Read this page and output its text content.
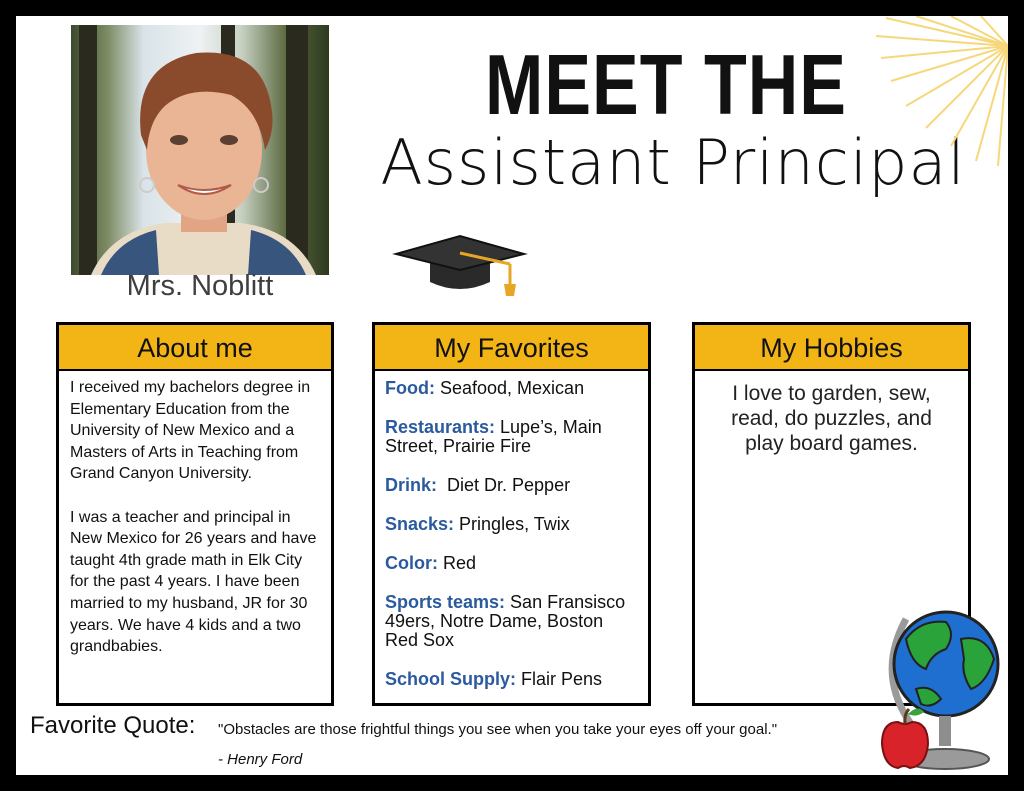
Mrs. Noblitt
MEET THE
Assistant Principal
About me

I received my bachelors degree in Elementary Education from the University of New Mexico and a Masters of Arts in Teaching from Grand Canyon University.

I was a teacher and principal in New Mexico for 26 years and have taught 4th grade math in Elk City for the past 4 years. I have been married to my husband, JR for 30 years. We have 4 kids and a two grandbabies.

My Favorites
Food: Seafood, Mexican
Restaurants: Lupe’s, Main Street, Prairie Fire
Drink:  Diet Dr. Pepper
Snacks: Pringles, Twix
Color: Red
Sports teams: San Fransisco 49ers, Notre Dame, Boston Red Sox
School Supply: Flair Pens
My Hobbies
I love to garden, sew, read, do puzzles, and play board games.
Favorite Quote: "Obstacles are those frightful things you see when you take your eyes off your goal."
- Henry Ford
